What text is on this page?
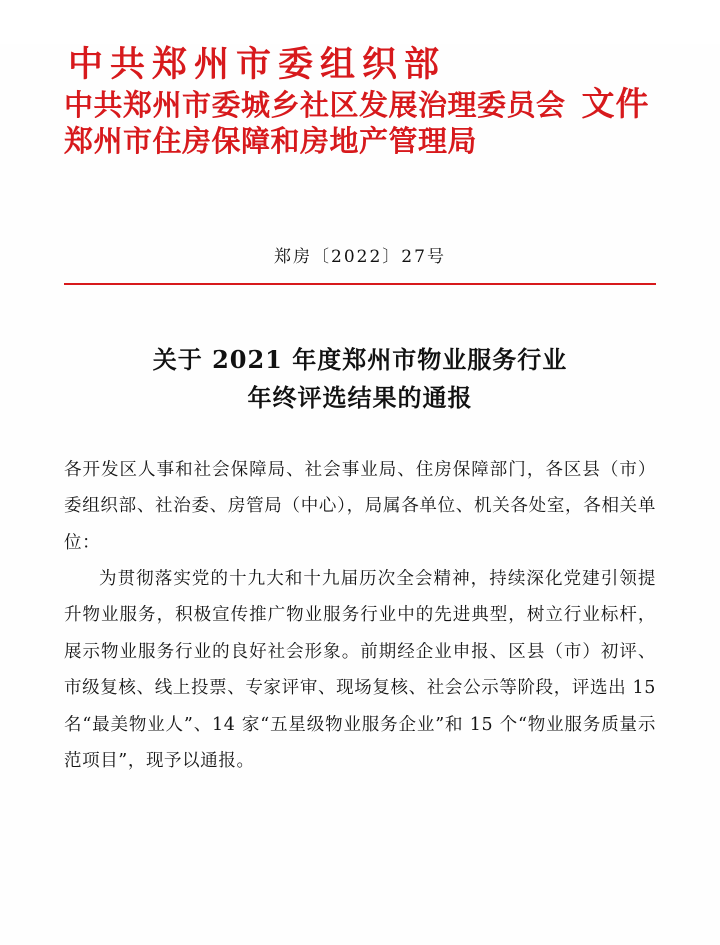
中共郑州市委组织部
中共郑州市委城乡社区发展治理委员会 文件
郑州市住房保障和房地产管理局
郑房〔2022〕27号
关于 2021 年度郑州市物业服务行业
年终评选结果的通报

各开发区人事和社会保障局、社会事业局、住房保障部门，各区县（市）委组织部、社治委、房管局（中心），局属各单位、机关各处室，各相关单位：

为贯彻落实党的十九大和十九届历次全会精神，持续深化党建引领提升物业服务，积极宣传推广物业服务行业中的先进典型，树立行业标杆，展示物业服务行业的良好社会形象。前期经企业申报、区县（市）初评、市级复核、线上投票、专家评审、现场复核、社会公示等阶段，评选出 15 名“最美物业人”、14 家“五星级物业服务企业”和 15 个“物业服务质量示范项目”，现予以通报。
